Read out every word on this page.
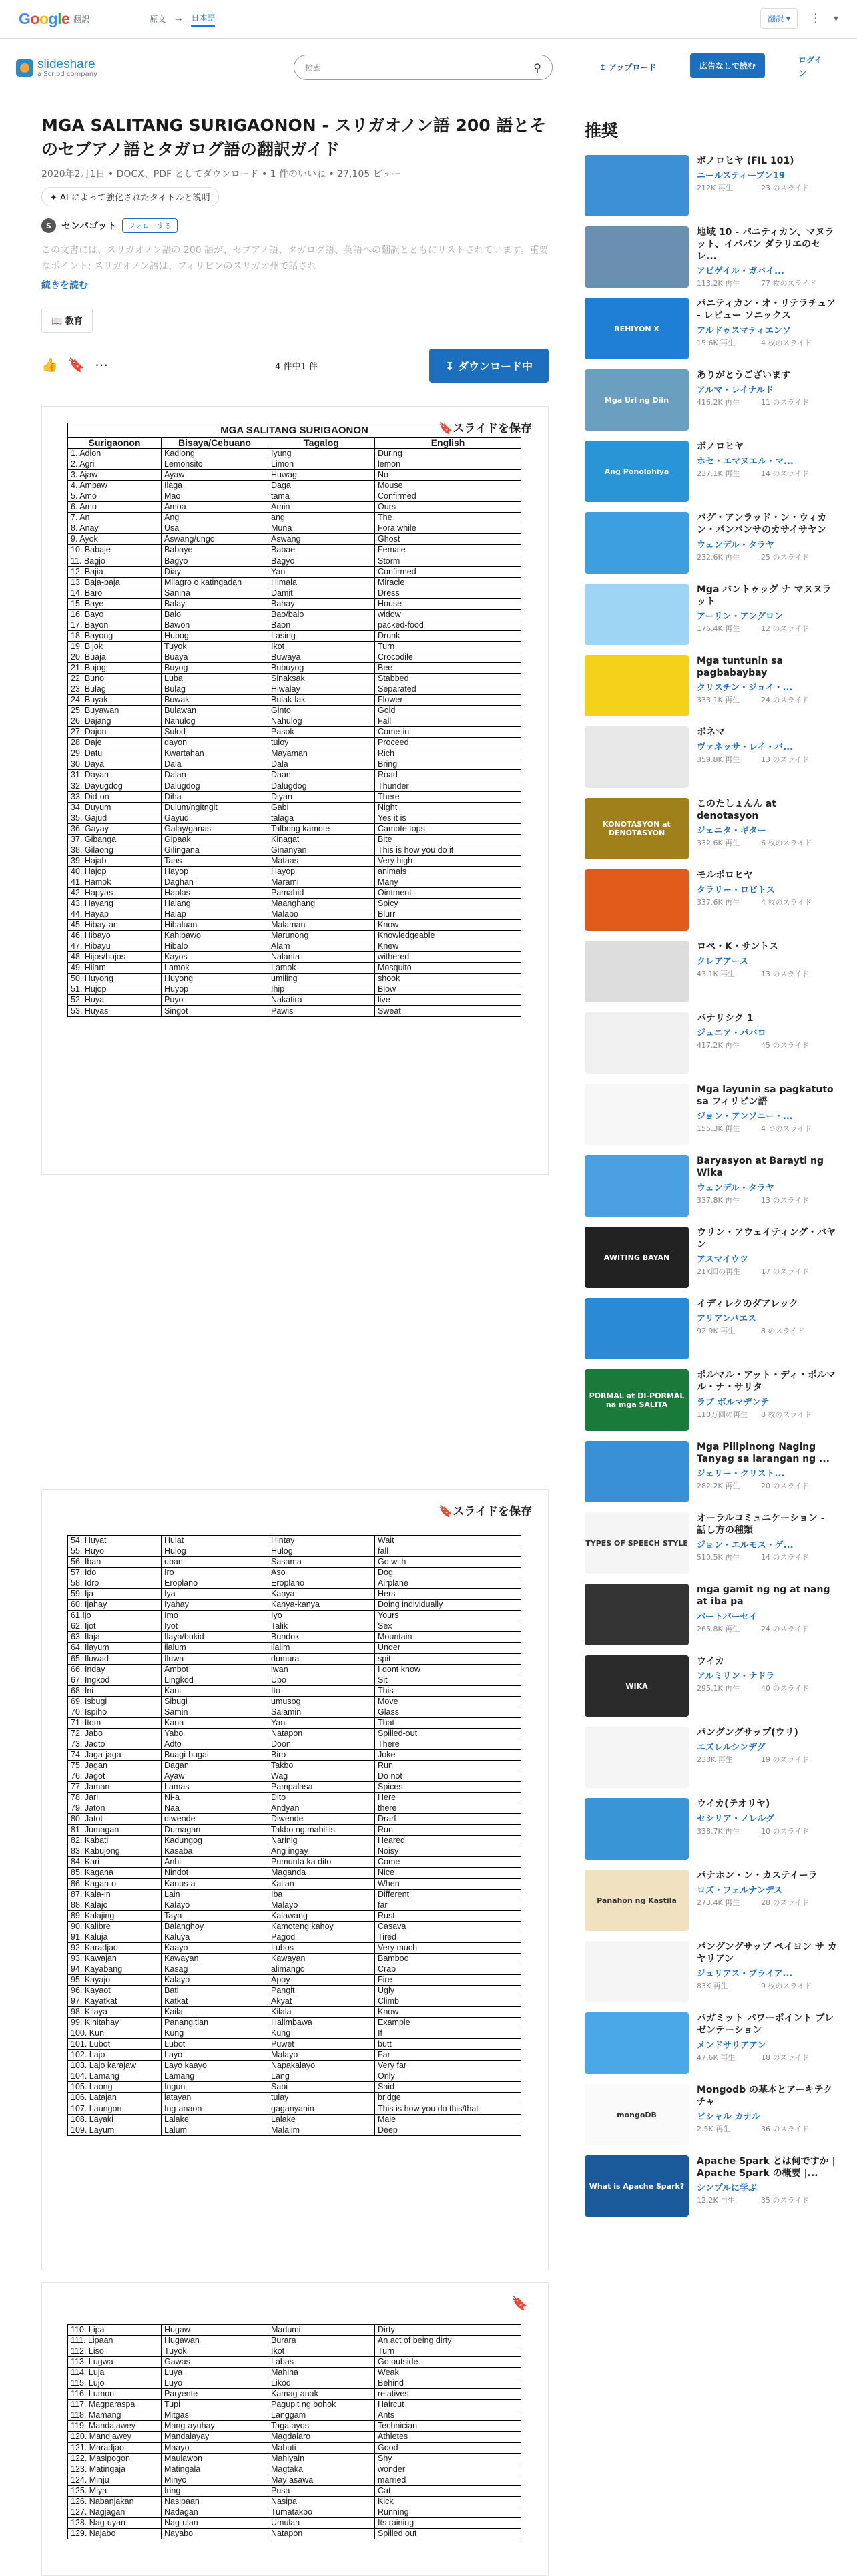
Google 翻訳	原文 → 日本語	翻訳 ▾	⋮ ▾
slideshare
a Scribd company
検索	⚲	↥ アップロード	広告なしで読む
ログイン
MGA SALITANG SURIGAONON - スリガオノン語 200 語とそのセブアノ語とタガログ語の翻訳ガイド
2020年2月1日 • DOCX、PDF としてダウンロード • 1 件のいいね • 27,105 ビュー
✦ AI によって強化されたタイトルと説明
S	センバゴット	フォローする
この文書には、スリガオノン語の 200 語が、セブアノ語、タガログ語、英語への翻訳とともにリストされています。重要なポイント: スリガオノン語は、フィリピンのスリガオ州で話され
続きを読む
📖 教育
👍 🔖 ⋯	4 件中1 件	↧ ダウンロード中
🔖スライドを保存
MGA SALITANG SURIGAONON			
Surigaonon	Bisaya/Cebuano	Tagalog	English
1. Adlon	Kadlong	Iyung	During
2. Agri	Lemonsito	Limon	lemon
3. Ajaw	Ayaw	Huwag	No
4. Ambaw	Ilaga	Daga	Mouse
5. Amo	Mao	tama	Confirmed
6. Amo	Amoa	Amin	Ours
7. An	Ang	ang	The
8. Anay	Usa	Muna	Fora while
9. Ayok	Aswang/ungo	Aswang	Ghost
10. Babaje	Babaye	Babae	Female
11. Bagjo	Bagyo	Bagyo	Storm
12. Bajia	Diay	Yan	Confirmed
13. Baja-baja	Milagro o katingadan	Himala	Miracle
14. Baro	Sanina	Damit	Dress
15. Baye	Balay	Bahay	House
16. Bayo	Balo	Bao/balo	widow
17. Bayon	Bawon	Baon	packed-food
18. Bayong	Hubog	Lasing	Drunk
19. Bijok	Tuyok	Ikot	Turn
20. Buaja	Buaya	Buwaya	Crocodile
21. Bujog	Buyog	Bubuyog	Bee
22. Buno	Luba	Sinaksak	Stabbed
23. Bulag	Bulag	Hiwalay	Separated
24. Buyak	Buwak	Bulak-lak	Flower
25. Buyawan	Bulawan	Ginto	Gold
26. Dajang	Nahulog	Nahulog	Fall
27. Dajon	Sulod	Pasok	Come-in
28. Daje	dayon	tuloy	Proceed
29. Datu	Kwartahan	Mayaman	Rich
30. Daya	Dala	Dala	Bring
31. Dayan	Dalan	Daan	Road
32. Dayugdog	Dalugdog	Dalugdog	Thunder
33. Did-on	Diha	Diyan	There
34. Duyum	Dulum/ngitngit	Gabi	Night
35. Gajud	Gayud	talaga	Yes it is
36. Gayay	Galay/ganas	Talbong kamote	Camote tops
37. Gibanga	Gipaak	Kinagat	Bite
38. Gilaong	Gilingana	Ginanyan	This is how you do it
39. Hajab	Taas	Mataas	Very high
40. Hajop	Hayop	Hayop	animals
41. Hamok	Daghan	Marami	Many
42. Hapyas	Haplas	Pamahid	Ointment
43. Hayang	Halang	Maanghang	Spicy
44. Hayap	Halap	Malabo	Blurr
45. Hibay-an	Hibaluan	Malaman	Know
46. Hibayo	Kahibawo	Marunong	Knowledgeable
47. Hibayu	Hibalo	Alam	Knew
48. Hijos/hujos	Kayos	Nalanta	withered
49. Hilam	Lamok	Lamok	Mosquito
50. Huyong	Huyong	umiling	shook
51. Hujop	Huyop	Ihip	Blow
52. Huya	Puyo	Nakatira	live
53. Huyas	Singot	Pawis	Sweat
🔖スライドを保存
54. Huyat	Hulat	Hintay	Wait
55. Huyo	Hulog	Hulog	fall
56. Iban	uban	Sasama	Go with
57. Ido	Iro	Aso	Dog
58. Idro	Eroplano	Eroplano	Airplane
59. Ija	Iya	Kanya	Hers
60. Ijahay	Iyahay	Kanya-kanya	Doing individually
61.Ijo	Imo	Iyo	Yours
62. Ijot	Iyot	Talik	Sex
63. Ilaja	Ilaya/bukid	Bundok	Mountain
64. Ilayum	ilalum	ilalim	Under
65. Iluwad	Iluwa	dumura	spit
66. Inday	Ambot	iwan	I dont know
67. Ingkod	Lingkod	Upo	Sit
68. Ini	Kani	Ito	This
69. Isbugi	Sibugi	umusog	Move
70. Ispiho	Samin	Salamin	Glass
71. Itom	Kana	Yan	That
72. Jabo	Yabo	Natapon	Spilled-out
73. Jadto	Adto	Doon	There
74. Jaga-jaga	Buagi-bugai	Biro	Joke
75. Jagan	Dagan	Takbo	Run
76. Jagot	Ayaw	Wag	Do not
77. Jaman	Lamas	Pampalasa	Spices
78. Jari	Ni-a	Dito	Here
79. Jaton	Naa	Andyan	there
80. Jatot	diwende	Diwende	Drarf
81. Jumagan	Dumagan	Takbo ng mabillis	Run
82. Kabati	Kadungog	Narinig	Heared
83. Kabujong	Kasaba	Ang ingay	Noisy
84. Kari	Anhi	Pumunta ka dito	Come
85. Kagana	Nindot	Maganda	Nice
86. Kagan-o	Kanus-a	Kailan	When
87. Kala-in	Lain	Iba	Different
88. Kalajo	Kalayo	Malayo	far
89. Kalajing	Taya	Kalawang	Rust
90. Kalibre	Balanghoy	Kamoteng kahoy	Casava
91. Kaluja	Kaluya	Pagod	Tired
92. Karadjao	Kaayo	Lubos	Very much
93. Kawajan	Kawayan	Kawayan	Bamboo
94. Kayabang	Kasag	alimango	Crab
95. Kayajo	Kalayo	Apoy	Fire
96. Kayaot	Bati	Pangit	Ugly
97. Kayatkat	Katkat	Akyat	Climb
98. Kilaya	Kaila	Kilala	Know
99. Kinitahay	Panangitlan	Halimbawa	Example
100. Kun	Kung	Kung	If
101. Lubot	Lubot	Puwet	butt
102. Lajo	Layo	Malayo	Far
103. Lajo karajaw	Layo kaayo	Napakalayo	Very far
104. Lamang	Lamang	Lang	Only
105. Laong	Ingun	Sabi	Said
106. Latajan	latayan	tulay	bridge
107. Laungon	Ing-anaon	gaganyanin	This is how you do this/that
108. Layaki	Lalake	Lalake	Male
109. Layum	Lalum	Malalim	Deep
🔖
110. Lipa	Hugaw	Madumi	Dirty
111. Lipaan	Hugawan	Burara	An act of being dirty
112. Liso	Tuyok	Ikot	Turn
113. Lugwa	Gawas	Labas	Go outside
114. Luja	Luya	Mahina	Weak
115. Lujo	Luyo	Likod	Behind
116. Lumon	Paryente	Kamag-anak	relatives
117. Magparaspa	Tupi	Pagupit ng bohok	Haircut
118. Mamang	Mitgas	Langgam	Ants
119. Mandajawey	Mang-ayuhay	Taga ayos	Technician
120. Mandjawey	Mandalayay	Magdalaro	Athletes
121. Maradjao	Maayo	Mabuti	Good
122. Masipogon	Maulawon	Mahiyain	Shy
123. Matingaja	Matingala	Magtaka	wonder
124. Minju	Minyo	May asawa	married
125. Miya	Iring	Pusa	Cat
126. Nabanjakan	Nasipaan	Nasipa	Kick
127. Nagjagan	Nadagan	Tumatakbo	Running
128. Nag-uyan	Nag-ulan	Umulan	Its raining
129. Najabo	Nayabo	Natapon	Spilled out
推奨
ボノロヒヤ (FIL 101)
ニールスティーブン19
212K 再生	23 のスライド
地域 10 - パニティカン、マヌラット、イバパン ダラリエのセレ...
アビゲイル・ガバイ...
113.2K 再生	77 枚のスライド
REHIYON X
パニティカン・オ・リテラチュア - レビュー ソニックス
アルドゥスマティエンソ
15.6K 再生	4 枚のスライド
Mga Uri ng Diin
ありがとうございます
アルマ・レイナルド
416.2K 再生	11 のスライド
Ang Ponolohiya
ボノロヒヤ
ホセ・エマヌエル・マ...
237.1K 再生	14 のスライド
バグ・アンラッド・ン・ウィカン・パンバンサのカサイサヤン
ウェンデル・タラヤ
232.6K 再生	25 のスライド
Mga バントゥッグ ナ マヌヌラット
アーリン・アングロン
176.4K 再生	12 のスライド
Mga tuntunin sa pagbabaybay
クリスチン・ジョイ・...
333.1K 再生	24 のスライド
ボネマ
ヴァネッサ・レイ・バ...
359.8K 再生	13 のスライド
KONOTASYON at DENOTASYON
このたしょんん at denotasyon
ジェニタ・ギター
332.6K 再生	6 枚のスライド
モルポロヒヤ
タラリー・ロビトス
337.6K 再生	4 枚のスライド
ロペ・K・サントス
クレアアース
43.1K 再生	13 のスライド
パナリシク 1
ジュニア・パバロ
417.2K 再生	45 のスライド
Mga layunin sa pagkatuto sa フィリピン語
ジョン・アンソニー・...
155.3K 再生	4 つのスライド
Baryasyon at Barayti ng Wika
ウェンデル・タラヤ
337.8K 再生	13 のスライド
AWITING BAYAN
ウリン・アウェイティング・バヤン
アスマイウツ
21K回の再生	17 のスライド
イディレクのダアレック
アリアンパエス
92.9K 再生	8 のスライド
PORMAL at DI-PORMAL na mga SALITA
ポルマル・アット・ディ・ポルマル・ナ・サリタ
ラブ ボルマデンテ
110万回の再生	8 枚のスライド
Mga Pilipinong Naging Tanyag sa larangan ng ...
ジェリー・クリスト...
282.2K 再生	20 のスライド
TYPES OF SPEECH STYLE
オーラルコミュニケーション - 話し方の種類
ジョン・エルモス・ゲ...
510.5K 再生	14 のスライド
mga gamit ng ng at nang at iba pa
パートバーセイ
265.8K 再生	24 のスライド
WIKA
ウイカ
アルミリン・ナドラ
295.1K 再生	40 のスライド
パングングサップ(ウリ)
エズレルシンデグ
238K 再生	19 のスライド
ウイカ(テオリヤ)
セシリア・ノレルグ
338.7K 再生	10 のスライド
Panahon ng Kastila
パナホン・ン・カステイーラ
ロズ・フェルナンデス
273.4K 再生	28 のスライド
パングングサップ ペイヨン サ カヤリアン
ジュリアス・ブライア...
83K 再生	9 枚のスライド
パガミット パワーポイント プレゼンテーション
メンドサリアアン
47.6K 再生	18 のスライド
mongoDB
Mongodb の基本とアーキテクチャ
ビシャル カナル
2.5K 再生	36 のスライド
What is Apache Spark?
Apache Spark とは何ですか | Apache Spark の概要 |...
シンプルに学ぶ
12.2K 再生	35 のスライド
